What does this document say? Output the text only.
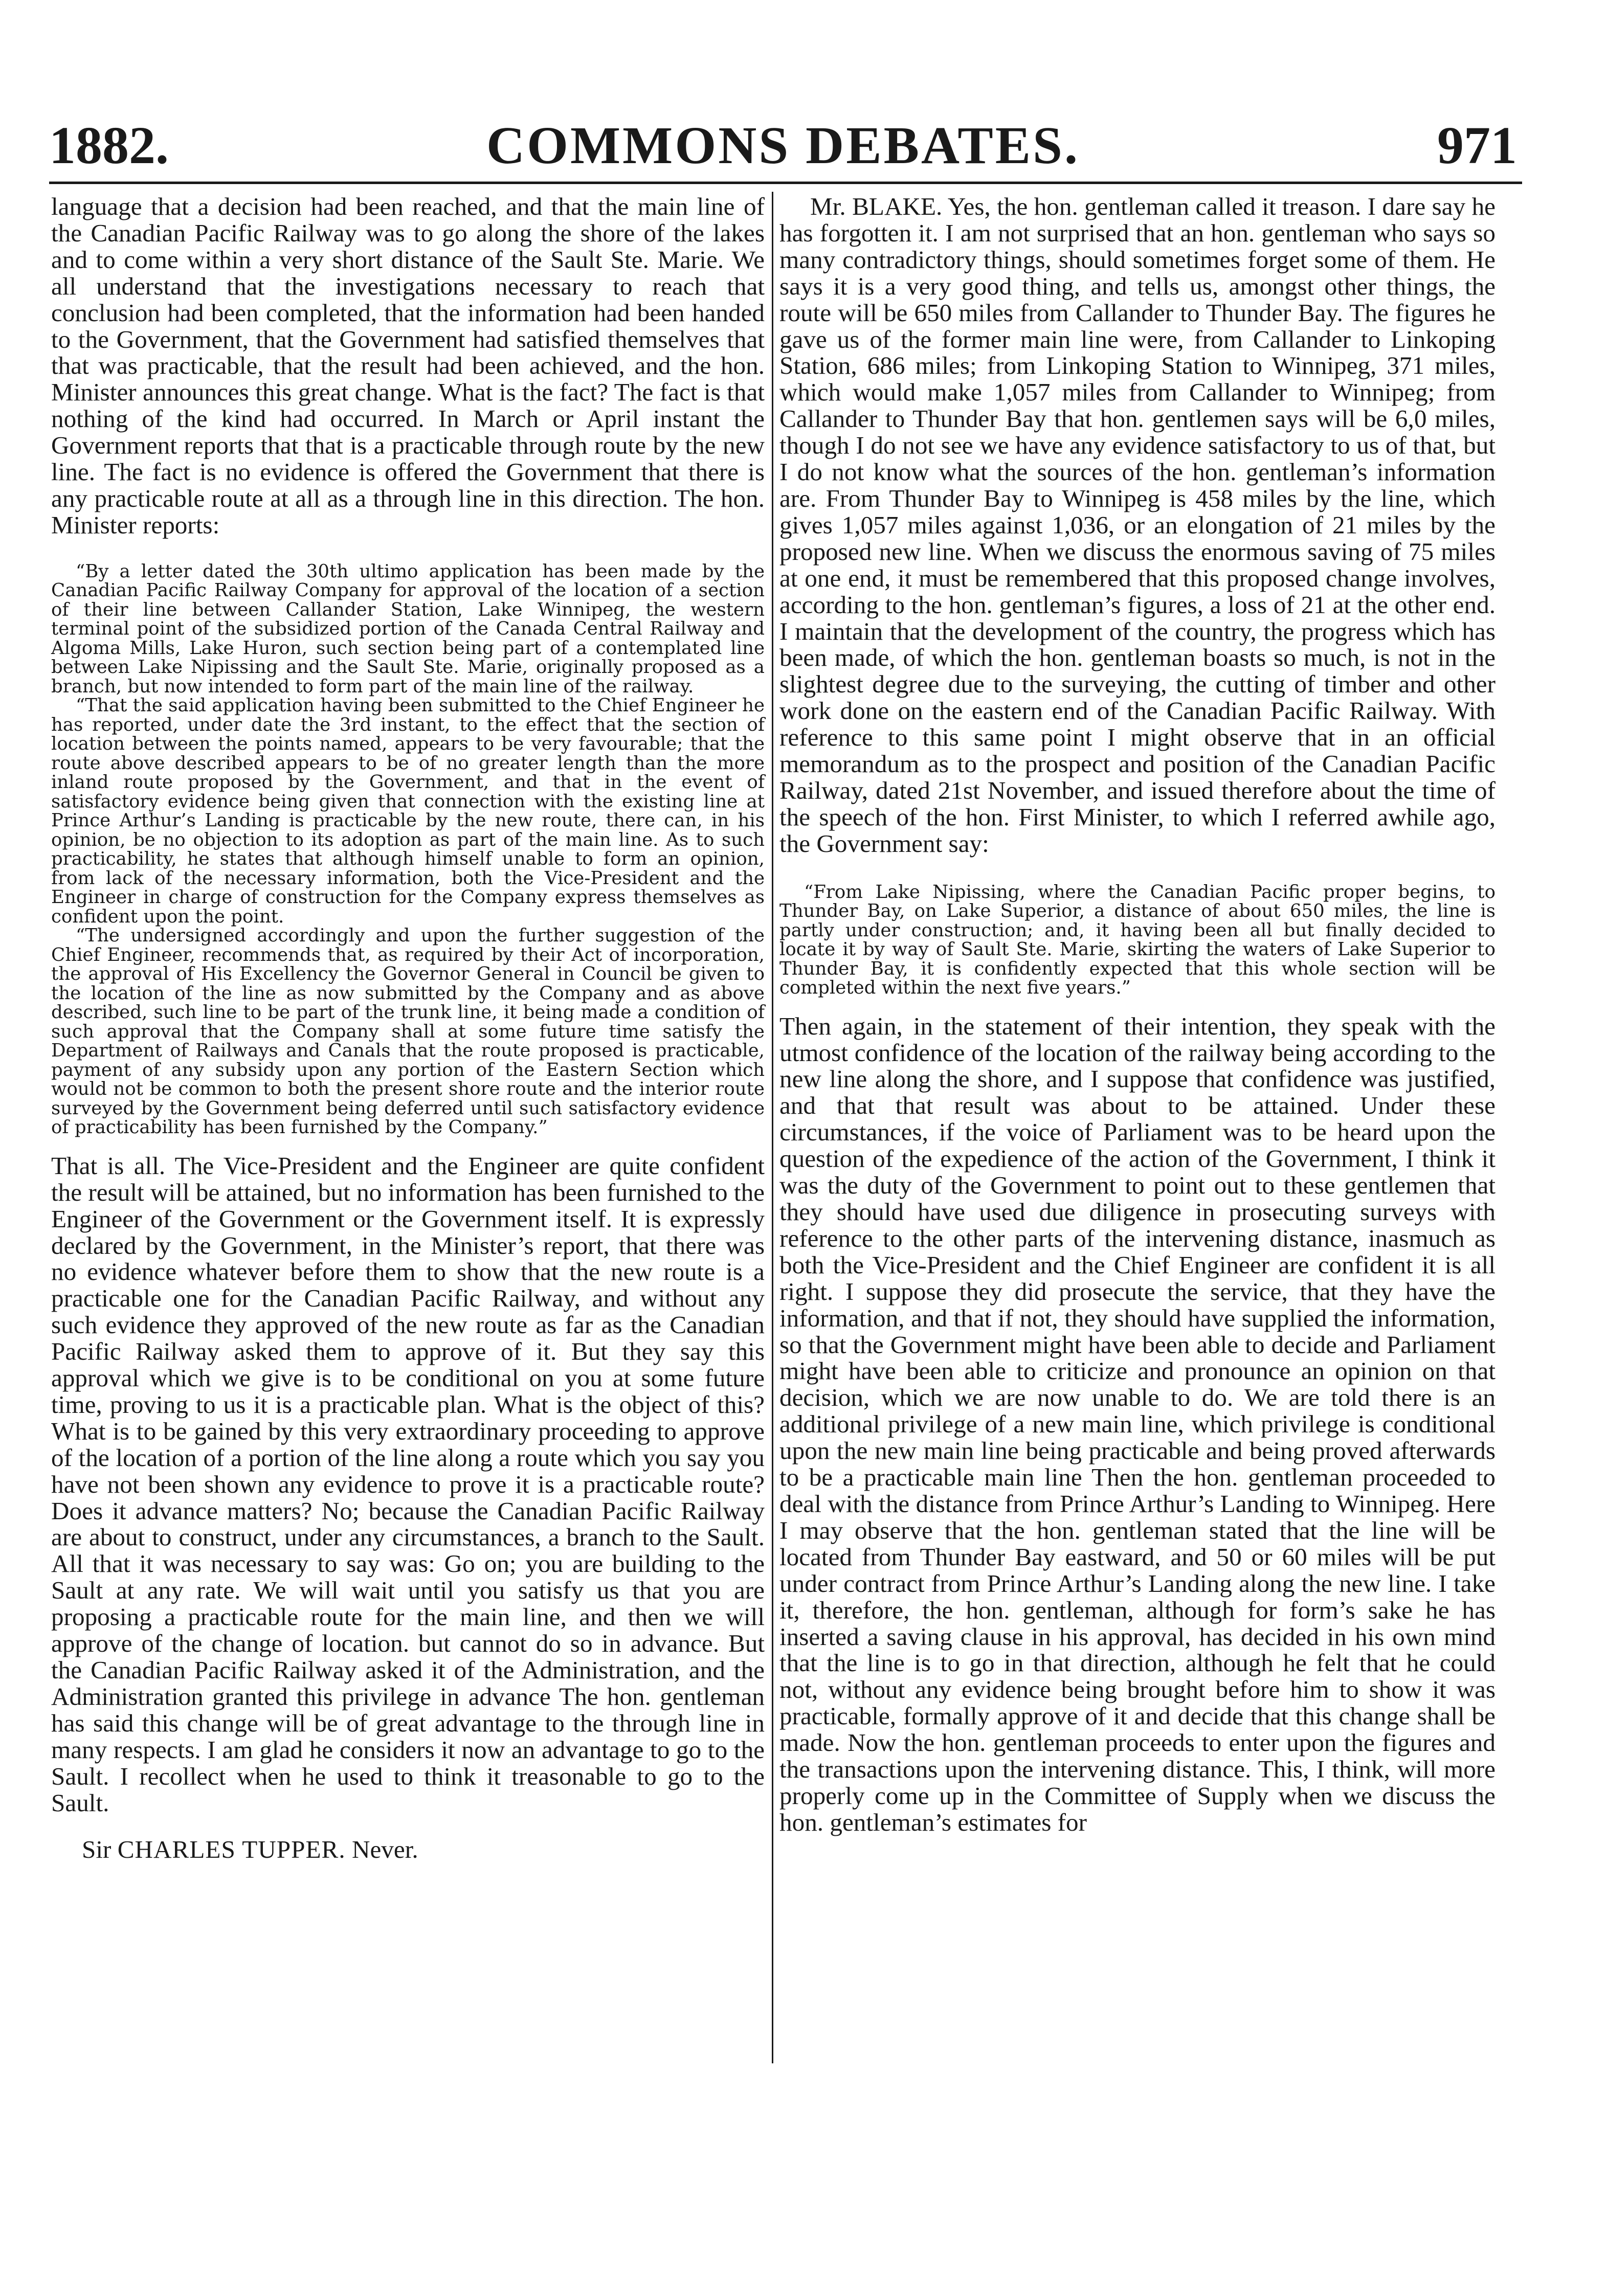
1882.	COMMONS DEBATES.	971

language that a decision had been reached, and that the main line of the Canadian Pacific Railway was to go along the shore of the lakes and to come within a very short distance of the Sault Ste. Marie. We all understand that the investigations necessary to reach that conclusion had been completed, that the information had been handed to the Government, that the Government had satisfied themselves that that was practicable, that the result had been achieved, and the hon. Minister announces this great change. What is the fact? The fact is that nothing of the kind had occurred. In March or April instant the Government reports that that is a practicable through route by the new line. The fact is no evidence is offered the Government that there is any practicable route at all as a through line in this direction. The hon. Minister reports:

“By a letter dated the 30th ultimo application has been made by the Canadian Pacific Railway Company for approval of the location of a section of their line between Callander Station, Lake Winnipeg, the western terminal point of the subsidized portion of the Canada Central Railway and Algoma Mills, Lake Huron, such section being part of a contemplated line between Lake Nipissing and the Sault Ste. Marie, originally proposed as a branch, but now intended to form part of the main line of the railway.

“That the said application having been submitted to the Chief Engineer he has reported, under date the 3rd instant, to the effect that the section of location between the points named, appears to be very favourable; that the route above described appears to be of no greater length than the more inland route proposed by the Government, and that in the event of satisfactory evidence being given that connection with the existing line at Prince Arthur’s Landing is practicable by the new route, there can, in his opinion, be no objection to its adoption as part of the main line. As to such practicability, he states that although himself unable to form an opinion, from lack of the necessary information, both the Vice-President and the Engineer in charge of construction for the Company express themselves as confident upon the point.

“The undersigned accordingly and upon the further suggestion of the Chief Engineer, recommends that, as required by their Act of incorporation, the approval of His Excellency the Governor General in Council be given to the location of the line as now submitted by the Company and as above described, such line to be part of the trunk line, it being made a condition of such approval that the Company shall at some future time satisfy the Department of Railways and Canals that the route proposed is practicable, payment of any subsidy upon any portion of the Eastern Section which would not be common to both the present shore route and the interior route surveyed by the Government being deferred until such satisfactory evidence of practicability has been furnished by the Company.”

That is all. The Vice-President and the Engineer are quite confident the result will be attained, but no information has been furnished to the Engineer of the Government or the Government itself. It is expressly declared by the Government, in the Minister’s report, that there was no evidence whatever before them to show that the new route is a practicable one for the Canadian Pacific Railway, and without any such evidence they approved of the new route as far as the Canadian Pacific Railway asked them to approve of it. But they say this approval which we give is to be conditional on you at some future time, proving to us it is a practicable plan. What is the object of this? What is to be gained by this very extraordinary proceeding to approve of the location of a portion of the line along a route which you say you have not been shown any evidence to prove it is a practicable route? Does it advance matters? No; because the Canadian Pacific Railway are about to construct, under any circumstances, a branch to the Sault. All that it was necessary to say was: Go on; you are building to the Sault at any rate. We will wait until you satisfy us that you are proposing a practicable route for the main line, and then we will approve of the change of location. but cannot do so in advance. But the Canadian Pacific Railway asked it of the Administration, and the Administration granted this privilege in advance The hon. gentleman has said this change will be of great advantage to the through line in many respects. I am glad he considers it now an advantage to go to the Sault. I recollect when he used to think it treasonable to go to the Sault.

Sir CHARLES TUPPER. Never.

Mr. BLAKE. Yes, the hon. gentleman called it treason. I dare say he has forgotten it. I am not surprised that an hon. gentleman who says so many contradictory things, should sometimes forget some of them. He says it is a very good thing, and tells us, amongst other things, the route will be 650 miles from Callander to Thunder Bay. The figures he gave us of the former main line were, from Callander to Linkoping Station, 686 miles; from Linkoping Station to Winnipeg, 371 miles, which would make 1,057 miles from Callander to Winnipeg; from Callander to Thunder Bay that hon. gentlemen says will be 6,0 miles, though I do not see we have any evidence satisfactory to us of that, but I do not know what the sources of the hon. gentleman’s information are. From Thunder Bay to Winnipeg is 458 miles by the line, which gives 1,057 miles against 1,036, or an elongation of 21 miles by the proposed new line. When we discuss the enormous saving of 75 miles at one end, it must be remembered that this proposed change involves, according to the hon. gentleman’s figures, a loss of 21 at the other end. I maintain that the development of the country, the progress which has been made, of which the hon. gentleman boasts so much, is not in the slightest degree due to the surveying, the cutting of timber and other work done on the eastern end of the Canadian Pacific Railway. With reference to this same point I might observe that in an official memorandum as to the prospect and position of the Canadian Pacific Railway, dated 21st November, and issued therefore about the time of the speech of the hon. First Minister, to which I referred awhile ago, the Government say:

“From Lake Nipissing, where the Canadian Pacific proper begins, to Thunder Bay, on Lake Superior, a distance of about 650 miles, the line is partly under construction; and, it having been all but finally decided to locate it by way of Sault Ste. Marie, skirting the waters of Lake Superior to Thunder Bay, it is confidently expected that this whole section will be completed within the next five years.”

Then again, in the statement of their intention, they speak with the utmost confidence of the location of the railway being according to the new line along the shore, and I suppose that confidence was justified, and that that result was about to be attained. Under these circumstances, if the voice of Parliament was to be heard upon the question of the expedience of the action of the Government, I think it was the duty of the Government to point out to these gentlemen that they should have used due diligence in prosecuting surveys with reference to the other parts of the intervening distance, inasmuch as both the Vice-President and the Chief Engineer are confident it is all right. I suppose they did prosecute the service, that they have the information, and that if not, they should have supplied the information, so that the Government might have been able to decide and Parliament might have been able to criticize and pronounce an opinion on that decision, which we are now unable to do. We are told there is an additional privilege of a new main line, which privilege is conditional upon the new main line being practicable and being proved afterwards to be a practicable main line Then the hon. gentleman proceeded to deal with the distance from Prince Arthur’s Landing to Winnipeg. Here I may observe that the hon. gentleman stated that the line will be located from Thunder Bay eastward, and 50 or 60 miles will be put under contract from Prince Arthur’s Landing along the new line. I take it, therefore, the hon. gentleman, although for form’s sake he has inserted a saving clause in his approval, has decided in his own mind that the line is to go in that direction, although he felt that he could not, without any evidence being brought before him to show it was practicable, formally approve of it and decide that this change shall be made. Now the hon. gentleman proceeds to enter upon the figures and the transactions upon the intervening distance. This, I think, will more properly come up in the Committee of Supply when we discuss the hon. gentleman’s estimates for
